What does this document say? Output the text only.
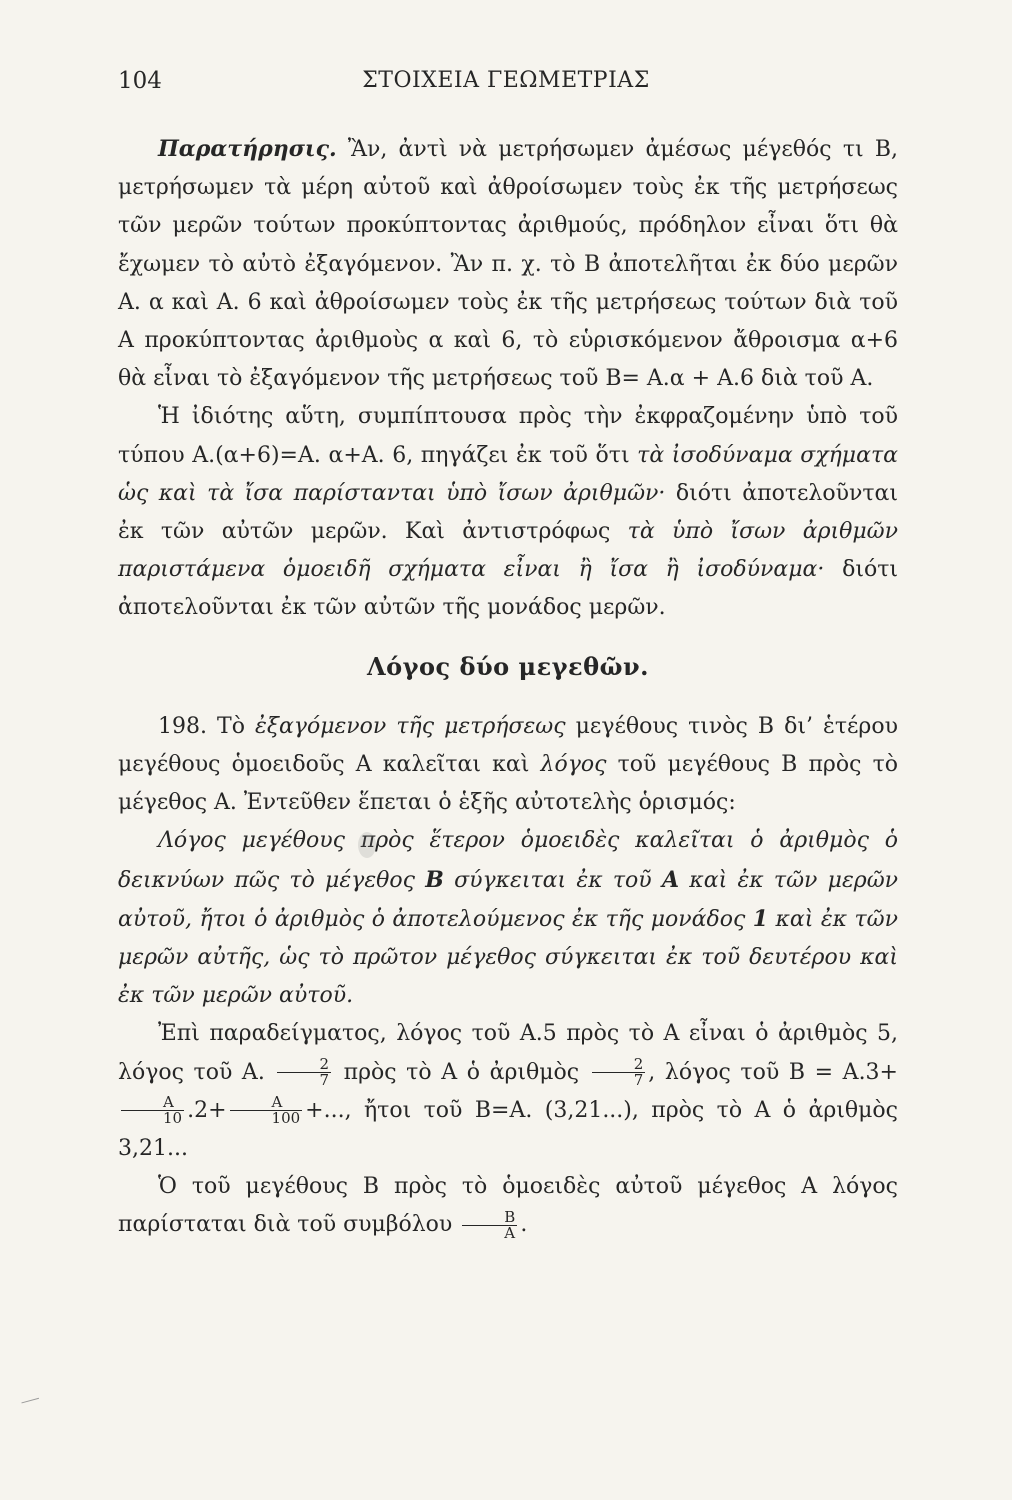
104	ΣΤΟΙΧΕΙΑ ΓΕΩΜΕΤΡΙΑΣ

Παρατήρησις. Ἂν, ἀντὶ νὰ μετρήσωμεν ἀμέσως μέγεθός τι Β, μετρήσωμεν τὰ μέρη αὐτοῦ καὶ ἀθροίσωμεν τοὺς ἐκ τῆς μετρήσεως τῶν μερῶν τούτων προκύπτοντας ἀριθμούς, πρόδηλον εἶναι ὅτι θὰ ἔχωμεν τὸ αὐτὸ ἐξαγόμενον. Ἂν π. χ. τὸ Β ἀποτελῆται ἐκ δύο μερῶν Α. α καὶ Α. 6 καὶ ἀθροίσωμεν τοὺς ἐκ τῆς μετρήσεως τούτων διὰ τοῦ Α προκύπτοντας ἀριθμοὺς α καὶ 6, τὸ εὑρισκόμενον ἄθροισμα α+6 θὰ εἶναι τὸ ἐξαγόμενον τῆς μετρήσεως τοῦ Β= Α.α + Α.6 διὰ τοῦ Α.

Ἡ ἰδιότης αὕτη, συμπίπτουσα πρὸς τὴν ἐκφραζομένην ὑπὸ τοῦ τύπου Α.(α+6)=Α. α+Α. 6, πηγάζει ἐκ τοῦ ὅτι τὰ ἰσοδύναμα σχήματα ὡς καὶ τὰ ἴσα παρίστανται ὑπὸ ἴσων ἀριθμῶν· διότι ἀποτελοῦνται ἐκ τῶν αὐτῶν μερῶν. Καὶ ἀντιστρόφως τὰ ὑπὸ ἴσων ἀριθμῶν παριστάμενα ὁμοειδῆ σχήματα εἶναι ἢ ἴσα ἢ ἰσοδύναμα· διότι ἀποτελοῦνται ἐκ τῶν αὐτῶν τῆς μονάδος μερῶν.

Λόγος δύο μεγεθῶν.

198. Τὸ ἐξαγόμενον τῆς μετρήσεως μεγέθους τινὸς Β δι’ ἑτέρου μεγέθους ὁμοειδοῦς Α καλεῖται καὶ λόγος τοῦ μεγέθους Β πρὸς τὸ μέγεθος Α. Ἐντεῦθεν ἕπεται ὁ ἑξῆς αὐτοτελὴς ὁρισμός:

Λόγος μεγέθους πρὸς ἕτερον ὁμοειδὲς καλεῖται ὁ ἀριθμὸς ὁ δεικνύων πῶς τὸ μέγεθος Β σύγκειται ἐκ τοῦ Α καὶ ἐκ τῶν μερῶν αὐτοῦ, ἤτοι ὁ ἀριθμὸς ὁ ἀποτελούμενος ἐκ τῆς μονάδος 1 καὶ ἐκ τῶν μερῶν αὐτῆς, ὡς τὸ πρῶτον μέγεθος σύγκειται ἐκ τοῦ δευτέρου καὶ ἐκ τῶν μερῶν αὐτοῦ.

Ἐπὶ παραδείγματος, λόγος τοῦ Α.5 πρὸς τὸ Α εἶναι ὁ ἀριθμὸς 5, λόγος τοῦ Α. $\frac{2}{7}$ πρὸς τὸ Α ὁ ἀριθμὸς $\frac{2}{7}$ , λόγος τοῦ Β = Α.3+
$\frac{A}{10} .2+ \frac{A}{100}$ +..., ἤτοι τοῦ Β=Α. (3,21...), πρὸς τὸ Α ὁ ἀριθμὸς 3,21...

Ὁ τοῦ μεγέθους Β πρὸς τὸ ὁμοειδὲς αὐτοῦ μέγεθος Α λόγος παρίσταται διὰ τοῦ συμβόλου $\frac{B}{A}$ .
